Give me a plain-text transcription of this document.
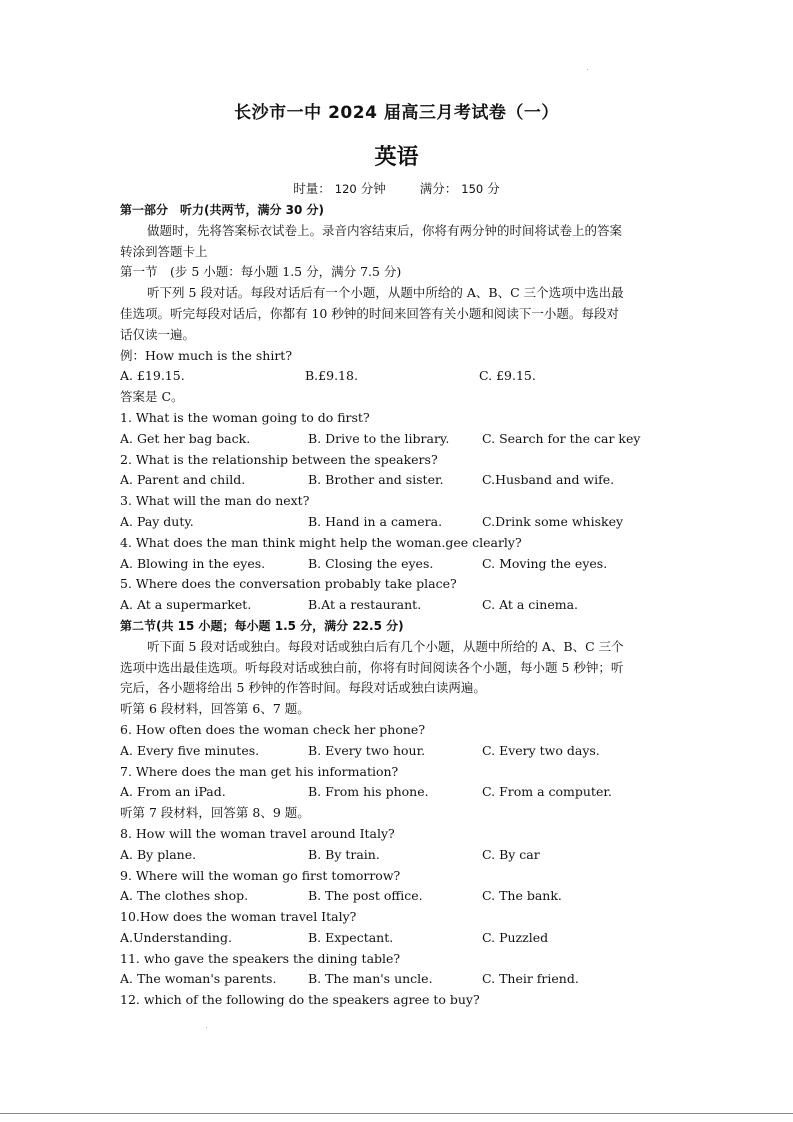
长沙市一中 2024 届高三月考试卷（一）
英语
时量： 120 分钟	满分： 150 分
第一部分　听力(共两节，满分 30 分)
做题时，先将答案标衣试卷上。录音内容结束后，你将有两分钟的时间将试卷上的答案
转涂到答题卡上
第一节　(步 5 小题：每小题 1.5 分，满分 7.5 分)
听下列 5 段对话。每段对话后有一个小题，从题中所给的 A、B、C 三个选项中选出最
佳选项。听完每段对话后，你都有 10 秒钟的时间来回答有关小题和阅读下一小题。每段对
话仅读一遍。
例：How much is the shirt?
A. £19.15.	B.£9.18.	C. £9.15.
答案是 C。
1. What is the woman going to do first?
A. Get her bag back.	B. Drive to the library.	C. Search for the car key
2. What is the relationship between the speakers?
A. Parent and child.	B. Brother and sister.	C.Husband and wife.
3. What will the man do next?
A. Pay duty.	B. Hand in a camera.	C.Drink some whiskey
4. What does the man think might help the woman.gee clearly?
A. Blowing in the eyes.	B. Closing the eyes.	C. Moving the eyes.
5. Where does the conversation probably take place?
A. At a supermarket.	B.At a restaurant.	C. At a cinema.
第二节(共 15 小题；每小题 1.5 分，满分 22.5 分)
听下面 5 段对话或独白。每段对话或独白后有几个小题，从题中所给的 A、B、C 三个
选项中选出最佳选项。听每段对话或独白前，你将有时间阅读各个小题，每小题 5 秒钟；听
完后，各小题将给出 5 秒钟的作答时间。每段对话或独白读两遍。
听第 6 段材料，回答第 6、7 题。
6. How often does the woman check her phone?
A. Every five minutes.	B. Every two hour.	C. Every two days.
7. Where does the man get his information?
A. From an iPad.	B. From his phone.	C. From a computer.
听第 7 段材料，回答第 8、9 题。
8. How will the woman travel around Italy?
A. By plane.	B. By train.	C. By car
9. Where will the woman go first tomorrow?
A. The clothes shop.	B. The post office.	C. The bank.
10.How does the woman travel Italy?
A.Understanding.	B. Expectant.	C. Puzzled
11. who gave the speakers the dining table?
A. The woman's parents.	B. The man's uncle.	C. Their friend.
12. which of the following do the speakers agree to buy?
